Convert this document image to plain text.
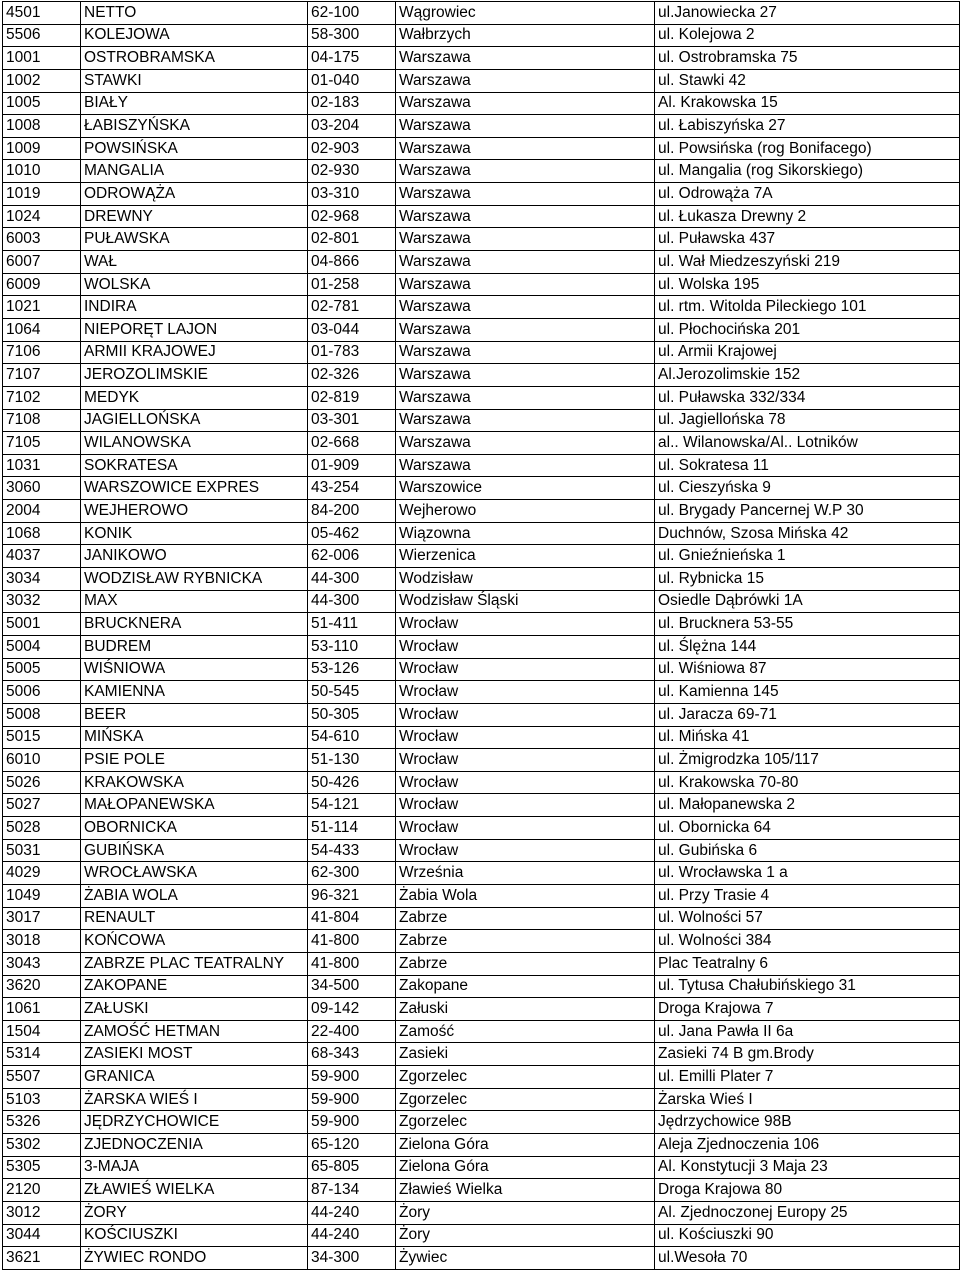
4501	NETTO	62-100	Wągrowiec	ul.Janowiecka 27
5506	KOLEJOWA	58-300	Wałbrzych	ul. Kolejowa 2
1001	OSTROBRAMSKA	04-175	Warszawa	ul. Ostrobramska 75
1002	STAWKI	01-040	Warszawa	ul. Stawki 42
1005	BIAŁY	02-183	Warszawa	Al. Krakowska 15
1008	ŁABISZYŃSKA	03-204	Warszawa	ul. Łabiszyńska 27
1009	POWSIŃSKA	02-903	Warszawa	ul. Powsińska (rog Bonifacego)
1010	MANGALIA	02-930	Warszawa	ul. Mangalia (rog Sikorskiego)
1019	ODROWĄŻA	03-310	Warszawa	ul. Odrowąża 7A
1024	DREWNY	02-968	Warszawa	ul. Łukasza Drewny 2
6003	PUŁAWSKA	02-801	Warszawa	ul. Puławska 437
6007	WAŁ	04-866	Warszawa	ul. Wał Miedzeszyński 219
6009	WOLSKA	01-258	Warszawa	ul. Wolska 195
1021	INDIRA	02-781	Warszawa	ul. rtm. Witolda Pileckiego 101
1064	NIEPORĘT LAJON	03-044	Warszawa	ul. Płochocińska 201
7106	ARMII KRAJOWEJ	01-783	Warszawa	ul. Armii Krajowej
7107	JEROZOLIMSKIE	02-326	Warszawa	Al.Jerozolimskie 152
7102	MEDYK	02-819	Warszawa	ul. Puławska 332/334
7108	JAGIELLOŃSKA	03-301	Warszawa	ul. Jagiellońska 78
7105	WILANOWSKA	02-668	Warszawa	al.. Wilanowska/Al.. Lotników
1031	SOKRATESA	01-909	Warszawa	ul. Sokratesa 11
3060	WARSZOWICE EXPRES	43-254	Warszowice	ul. Cieszyńska 9
2004	WEJHEROWO	84-200	Wejherowo	ul. Brygady Pancernej W.P 30
1068	KONIK	05-462	Wiązowna	Duchnów, Szosa Mińska 42
4037	JANIKOWO	62-006	Wierzenica	ul. Gnieźnieńska 1
3034	WODZISŁAW RYBNICKA	44-300	Wodzisław	ul. Rybnicka 15
3032	MAX	44-300	Wodzisław Śląski	Osiedle Dąbrówki 1A
5001	BRUCKNERA	51-411	Wrocław	ul. Brucknera 53-55
5004	BUDREM	53-110	Wrocław	ul. Ślężna 144
5005	WIŚNIOWA	53-126	Wrocław	ul. Wiśniowa 87
5006	KAMIENNA	50-545	Wrocław	ul. Kamienna 145
5008	BEER	50-305	Wrocław	ul. Jaracza 69-71
5015	MIŃSKA	54-610	Wrocław	ul. Mińska 41
6010	PSIE POLE	51-130	Wrocław	ul. Żmigrodzka 105/117
5026	KRAKOWSKA	50-426	Wrocław	ul. Krakowska 70-80
5027	MAŁOPANEWSKA	54-121	Wrocław	ul. Małopanewska 2
5028	OBORNICKA	51-114	Wrocław	ul. Obornicka 64
5031	GUBIŃSKA	54-433	Wrocław	ul. Gubińska 6
4029	WROCŁAWSKA	62-300	Września	ul. Wrocławska 1 a
1049	ŻABIA WOLA	96-321	Żabia Wola	ul. Przy Trasie 4
3017	RENAULT	41-804	Zabrze	ul. Wolności 57
3018	KOŃCOWA	41-800	Zabrze	ul. Wolności 384
3043	ZABRZE PLAC TEATRALNY	41-800	Zabrze	Plac Teatralny 6
3620	ZAKOPANE	34-500	Zakopane	ul. Tytusa Chałubińskiego 31
1061	ZAŁUSKI	09-142	Załuski	Droga Krajowa 7
1504	ZAMOŚĆ HETMAN	22-400	Zamość	ul. Jana Pawła II 6a
5314	ZASIEKI MOST	68-343	Zasieki	Zasieki 74 B gm.Brody
5507	GRANICA	59-900	Zgorzelec	ul. Emilli Plater 7
5103	ŻARSKA WIEŚ I	59-900	Zgorzelec	Żarska Wieś I
5326	JĘDRZYCHOWICE	59-900	Zgorzelec	Jędrzychowice 98B
5302	ZJEDNOCZENIA	65-120	Zielona Góra	Aleja Zjednoczenia 106
5305	3-MAJA	65-805	Zielona Góra	Al. Konstytucji 3 Maja 23
2120	ZŁAWIEŚ WIELKA	87-134	Zławieś Wielka	Droga Krajowa 80
3012	ŻORY	44-240	Żory	Al. Zjednoczonej Europy 25
3044	KOŚCIUSZKI	44-240	Żory	ul. Kościuszki 90
3621	ŻYWIEC RONDO	34-300	Żywiec	ul.Wesoła 70
